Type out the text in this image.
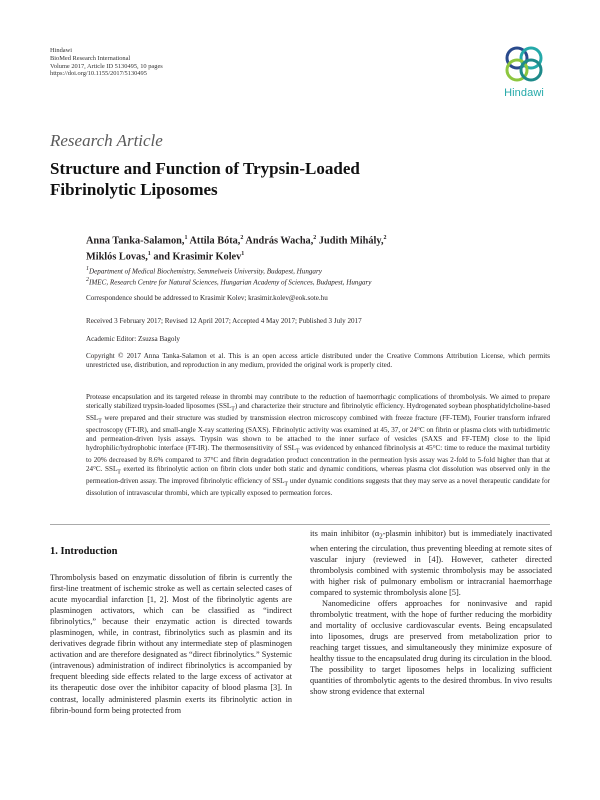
Hindawi
BioMed Research International
Volume 2017, Article ID 5130495, 10 pages
https://doi.org/10.1155/2017/5130495
Hindawi
Research Article
Structure and Function of Trypsin-Loaded
Fibrinolytic Liposomes
Anna Tanka-Salamon,$^1$ Attila Bóta,$^2$ András Wacha,$^2$ Judith Mihály,$^2$
Miklós Lovas,$^1$ and Krasimir Kolev$^1$
$^1$Department of Medical Biochemistry, Semmelweis University, Budapest, Hungary
$^2$IMEC, Research Centre for Natural Sciences, Hungarian Academy of Sciences, Budapest, Hungary
Correspondence should be addressed to Krasimir Kolev; krasimir.kolev@eok.sote.hu
Received 3 February 2017; Revised 12 April 2017; Accepted 4 May 2017; Published 3 July 2017
Academic Editor: Zsuzsa Bagoly
Copyright © 2017 Anna Tanka-Salamon et al. This is an open access article distributed under the Creative Commons Attribution License, which permits unrestricted use, distribution, and reproduction in any medium, provided the original work is properly cited.
Protease encapsulation and its targeted release in thrombi may contribute to the reduction of haemorrhagic complications of thrombolysis. We aimed to prepare sterically stabilized trypsin-loaded liposomes $(SSL_T)$ and characterize their structure and fibrinolytic efficiency. Hydrogenated soybean phosphatidylcholine-based $SSL_T$ were prepared and their structure was studied by transmission electron microscopy combined with freeze fracture (FF-TEM), Fourier transform infrared spectroscopy (FT-IR), and small-angle X-ray scattering (SAXS). Fibrinolytic activity was examined at 45, 37, or 24°C on fibrin or plasma clots with turbidimetric and permeation-driven lysis assays. Trypsin was shown to be attached to the inner surface of vesicles (SAXS and FF-TEM) close to the lipid hydrophilic/hydrophobic interface (FT-IR). The thermosensitivity of $SSL_T$ was evidenced by enhanced fibrinolysis at 45°C: time to reduce the maximal turbidity to 20% decreased by 8.6% compared to 37°C and fibrin degradation product concentration in the permeation lysis assay was 2-fold to 5-fold higher than that at 24°C. $SSL_T$ exerted its fibrinolytic action on fibrin clots under both static and dynamic conditions, whereas plasma clot dissolution was observed only in the permeation-driven assay. The improved fibrinolytic efficiency of $SSL_T$ under dynamic conditions suggests that they may serve as a novel therapeutic candidate for dissolution of intravascular thrombi, which are typically exposed to permeation forces.
1. Introduction

Thrombolysis based on enzymatic dissolution of fibrin is currently the first-line treatment of ischemic stroke as well as certain selected cases of acute myocardial infarction [1, 2]. Most of the fibrinolytic agents are plasminogen activators, which can be classified as “indirect fibrinolytics,” because their enzymatic action is directed towards plasminogen, while, in contrast, fibrinolytics such as plasmin and its derivatives degrade fibrin without any intermediate step of plasminogen activation and are therefore designated as “direct fibrinolytics.” Systemic (intravenous) administration of indirect fibrinolytics is accompanied by frequent bleeding side effects related to the large excess of activator at its therapeutic dose over the inhibitor capacity of blood plasma [3]. In contrast, locally administered plasmin exerts its fibrinolytic action in fibrin-bound form being protected from

its main inhibitor ($\alpha_2$-plasmin inhibitor) but is immediately inactivated when entering the circulation, thus preventing bleeding at remote sites of vascular injury (reviewed in [4]). However, catheter directed thrombolysis combined with systemic thrombolysis may be associated with higher risk of pulmonary embolism or intracranial haemorrhage compared to systemic thrombolysis alone [5].

Nanomedicine offers approaches for noninvasive and rapid thrombolytic treatment, with the hope of further reducing the morbidity and mortality of occlusive cardiovascular events. Being encapsulated into liposomes, drugs are preserved from metabolization prior to reaching target tissues, and simultaneously they minimize exposure of healthy tissue to the encapsulated drug during its circulation in the blood. The possibility to target liposomes helps in localizing sufficient quantities of thrombolytic agents to the desired thrombus. In vivo results show strong evidence that external
